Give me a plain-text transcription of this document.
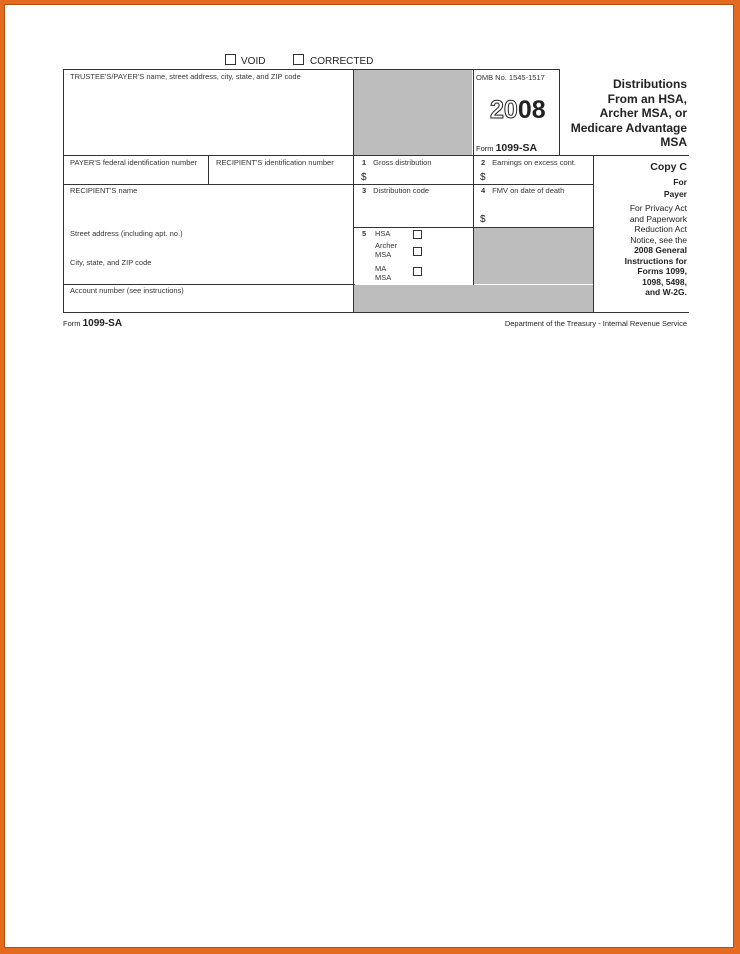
VOID	CORRECTED
TRUSTEE'S/PAYER'S name, street address, city, state, and ZIP code
PAYER'S federal identification number	RECIPIENT'S identification number
RECIPIENT'S name
Street address (including apt. no.)
City, state, and ZIP code
Account number (see instructions)
OMB No. 1545-1517
2008
Form 1099-SA
Distributions
From an HSA,
Archer MSA, or
Medicare Advantage
MSA
1 Gross distribution
$
2 Earnings on excess cont.
$
3 Distribution code	4 FMV on date of death
$
5	HSA
Archer
MSA
MA
MSA
Copy C
For
Payer
For Privacy Act
and Paperwork
Reduction Act
Notice, see the
2008 General
Instructions for
Forms 1099,
1098, 5498,
and W-2G.
Form 1099-SA	Department of the Treasury - Internal Revenue Service
